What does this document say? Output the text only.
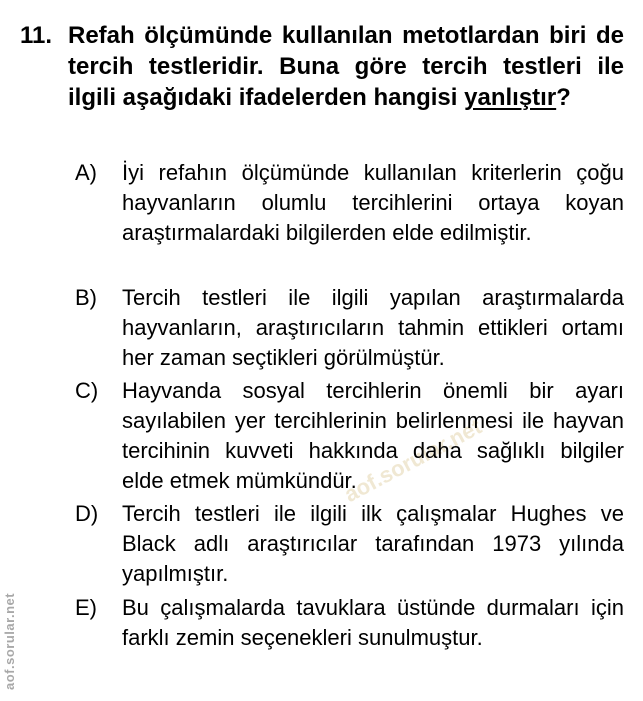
aof.sorular.net
11. Refah ölçümünde kullanılan metotlardan biri de tercih testleridir. Buna göre tercih testleri ile ilgili aşağıdaki ifadelerden hangisi yanlıştır?
A) İyi refahın ölçümünde kullanılan kriterlerin çoğu hayvanların olumlu tercihlerini ortaya koyan araştırmalardaki bilgilerden elde edilmiştir.
B) Tercih testleri ile ilgili yapılan araştırmalarda hayvanların, araştırıcıların tahmin ettikleri ortamı her zaman seçtikleri görülmüştür.
C) Hayvanda sosyal tercihlerin önemli bir ayarı sayılabilen yer tercihlerinin belirlenmesi ile hayvan tercihinin kuvveti hakkında daha sağlıklı bilgiler elde etmek mümkündür.
D) Tercih testleri ile ilgili ilk çalışmalar Hughes ve Black adlı araştırıcılar tarafından 1973 yılında yapılmıştır.
E) Bu çalışmalarda tavuklara üstünde durmaları için farklı zemin seçenekleri sunulmuştur.
aof.sorular.net
